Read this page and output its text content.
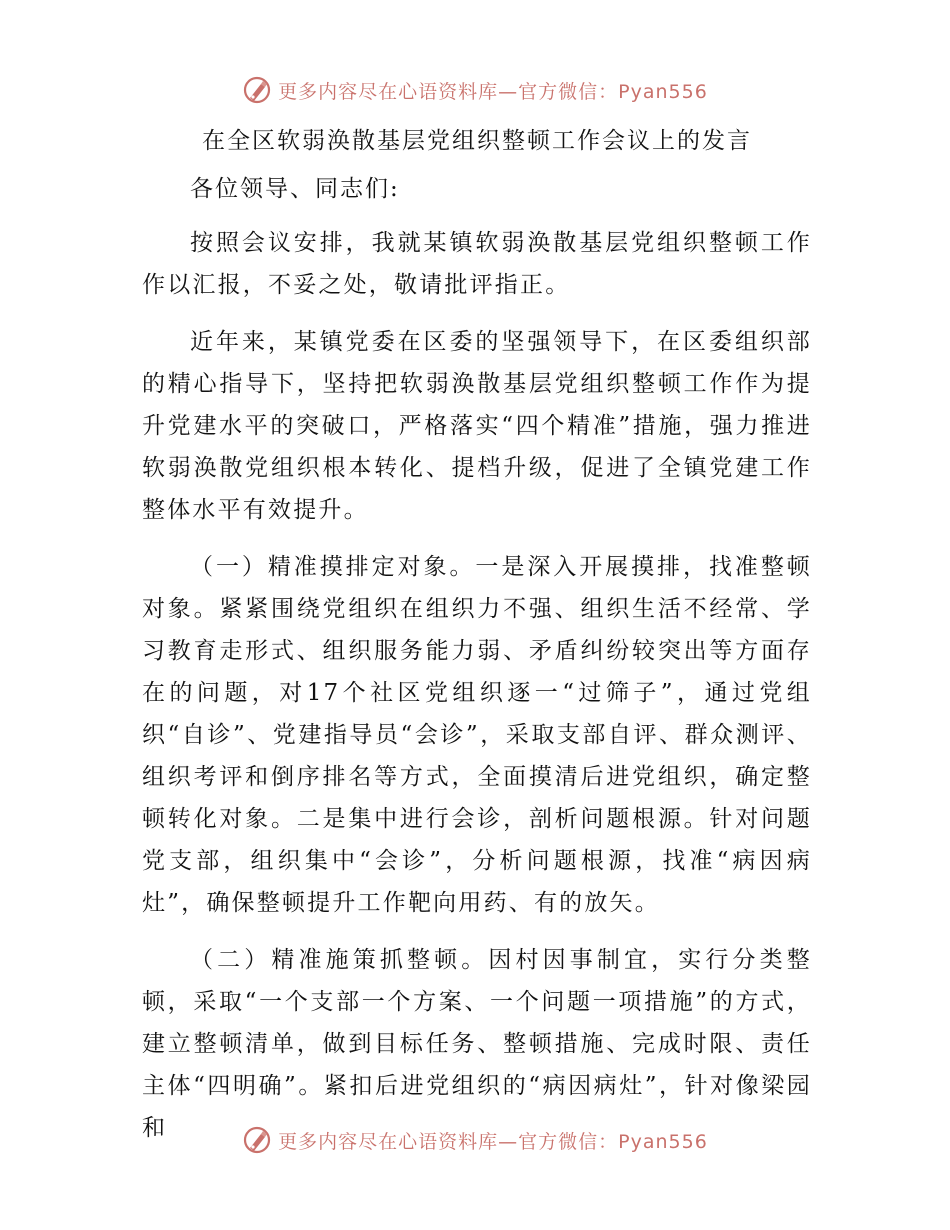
更多内容尽在心语资料库—官方微信：Pyan556
在全区软弱涣散基层党组织整顿工作会议上的发言
各位领导、同志们:

按照会议安排，我就某镇软弱涣散基层党组织整顿工作作以汇报，不妥之处，敬请批评指正。

近年来，某镇党委在区委的坚强领导下，在区委组织部的精心指导下，坚持把软弱涣散基层党组织整顿工作作为提升党建水平的突破口，严格落实“四个精准”措施，强力推进软弱涣散党组织根本转化、提档升级，促进了全镇党建工作整体水平有效提升。

（一）精准摸排定对象。一是深入开展摸排，找准整顿对象。紧紧围绕党组织在组织力不强、组织生活不经常、学习教育走形式、组织服务能力弱、矛盾纠纷较突出等方面存在的问题，对17个社区党组织逐一“过筛子”，通过党组织“自诊”、党建指导员“会诊”，采取支部自评、群众测评、组织考评和倒序排名等方式，全面摸清后进党组织，确定整顿转化对象。二是集中进行会诊，剖析问题根源。针对问题党支部，组织集中“会诊”，分析问题根源，找准“病因病灶”，确保整顿提升工作靶向用药、有的放矢。

（二）精准施策抓整顿。因村因事制宜，实行分类整顿，采取“一个支部一个方案、一个问题一项措施”的方式，建立整顿清单，做到目标任务、整顿措施、完成时限、责任主体“四明确”。紧扣后进党组织的“病因病灶”，针对像梁园和

更多内容尽在心语资料库—官方微信：Pyan556
